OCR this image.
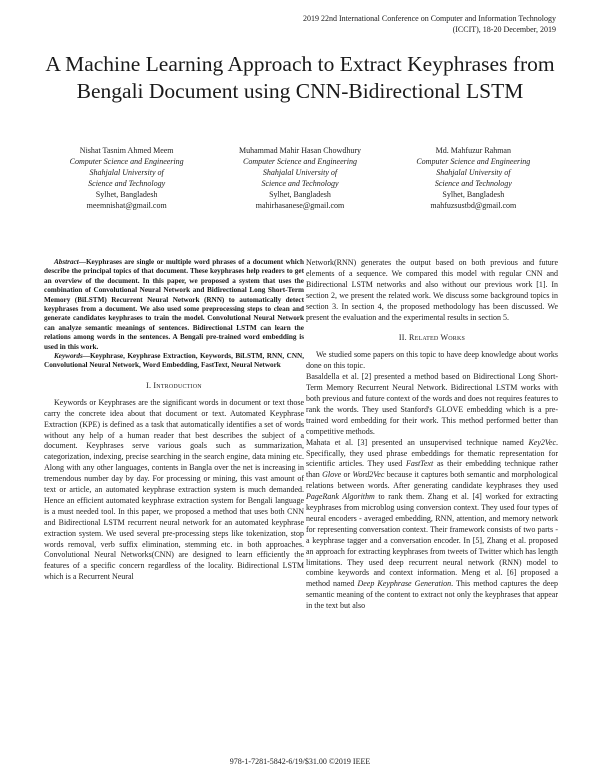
2019 22nd International Conference on Computer and Information Technology (ICCIT), 18-20 December, 2019
A Machine Learning Approach to Extract Keyphrases from Bengali Document using CNN-Bidirectional LSTM
Nishat Tasnim Ahmed Meem
Computer Science and Engineering
Shahjalal University of
Science and Technology
Sylhet, Bangladesh
meemnishat@gmail.com
Muhammad Mahir Hasan Chowdhury
Computer Science and Engineering
Shahjalal University of
Science and Technology
Sylhet, Bangladesh
mahirhasanese@gmail.com
Md. Mahfuzur Rahman
Computer Science and Engineering
Shahjalal University of
Science and Technology
Sylhet, Bangladesh
mahfuzsustbd@gmail.com

Abstract—Keyphrases are single or multiple word phrases of a document which describe the principal topics of that document. These keyphrases help readers to get an overview of the document. In this paper, we proposed a system that uses the combination of Convolutional Neural Network and Bidirectional Long Short-Term Memory (BiLSTM) Recurrent Neural Network (RNN) to automatically detect keyphrases from a document. We also used some preprocessing steps to clean and generate candidates keyphrases to train the model. Convolutional Neural Network can analyze semantic meanings of sentences. Bidirectional LSTM can learn the relations among words in the sentences. A Bengali pre-trained word embedding is used in this work.

Keywords—Keyphrase, Keyphrase Extraction, Keywords, BiLSTM, RNN, CNN, Convolutional Neural Network, Word Embedding, FastText, Neural Network

I. Introduction

Keywords or Keyphrases are the significant words in document or text those carry the concrete idea about that document or text. Automated Keyphrase Extraction (KPE) is defined as a task that automatically identifies a set of words without any help of a human reader that best describes the subject of a document. Keyphrases serve various goals such as summarization, categorization, indexing, precise searching in the search engine, data mining etc. Along with any other languages, contents in Bangla over the net is increasing in tremendous number day by day. For processing or mining, this vast amount of text or article, an automated keyphrase extraction system is much demanded. Hence an efficient automated keyphrase extraction system for Bengali language is a must needed tool. In this paper, we proposed a method that uses both CNN and Bidirectional LSTM recurrent neural network for an automated keyphrase extraction system. We used several pre-processing steps like tokenization, stop words removal, verb suffix elimination, stemming etc. in both approaches. Convolutional Neural Networks(CNN) are designed to learn efficiently the features of a specific concern regardless of the locality. Bidirectional LSTM which is a Recurrent Neural

Network(RNN) generates the output based on both previous and future elements of a sequence. We compared this model with regular CNN and Bidirectional LSTM networks and also without our previous work [1]. In section 2, we present the related work. We discuss some background topics in section 3. In section 4, the proposed methodology has been discussed. We present the evaluation and the experimental results in section 5.

II. Related Works

We studied some papers on this topic to have deep knowledge about works done on this topic.

Basaldella et al. [2] presented a method based on Bidirectional Long Short-Term Memory Recurrent Neural Network. Bidirectional LSTM works with both previous and future context of the words and does not requires features to rank the words. They used Stanford's GLOVE embedding which is a pre-trained word embedding for their work. This method performed better than competitive methods.

Mahata et al. [3] presented an unsupervised technique named Key2Vec. Specifically, they used phrase embeddings for thematic representation for scientific articles. They used FastText as their embedding technique rather than Glove or Word2Vec because it captures both semantic and morphological relations between words. After generating candidate keyphrases they used PageRank Algorithm to rank them. Zhang et al. [4] worked for extracting keyphrases from microblog using conversion context. They used four types of neural encoders - averaged embedding, RNN, attention, and memory network for representing conversation context. Their framework consists of two parts - a keyphrase tagger and a conversation encoder. In [5], Zhang et al. proposed an approach for extracting keyphrases from tweets of Twitter which has length limitations. They used deep recurrent neural network (RNN) model to combine keywords and context information. Meng et al. [6] proposed a method named Deep Keyphrase Generation. This method captures the deep semantic meaning of the content to extract not only the keyphrases that appear in the text but also

978-1-7281-5842-6/19/$31.00 ©2019 IEEE
